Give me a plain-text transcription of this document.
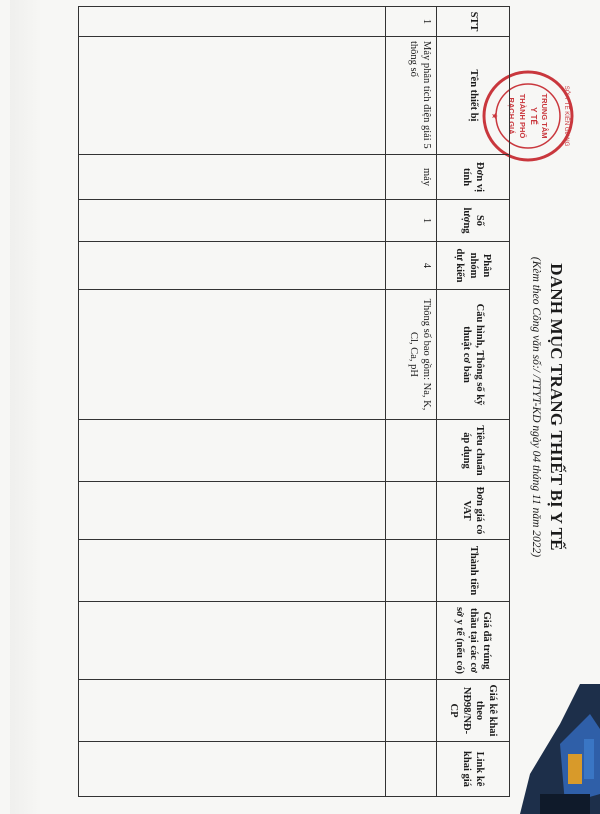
DANH MỤC TRANG THIẾT BỊ Y TẾ
(Kèm theo Công văn số:/ /TTYT-KD ngày 04 tháng 11 năm 2022)
SỞ Y TẾ KIÊN GIANG
TRUNG TÂM
Y TẾ
THÀNH PHỐ
RẠCH GIÁ
★
STT	Tên thiết bị	Đơn vị tính	Số lượng	Phân nhóm dự kiến	Cấu hình, Thông số kỹ thuật cơ bản	Tiêu chuẩn áp dụng	Đơn giá có VAT	Thành tiền	Giá đã trúng thầu tại các cơ sở y tế (nếu có)	Giá kê khai theo NĐ98/NĐ-CP	Link kê khai giá
1	Máy phân tích điện giải 5 thông số	máy	1	4	Thông số bao gồm: Na, K, Cl, Ca, pH						
